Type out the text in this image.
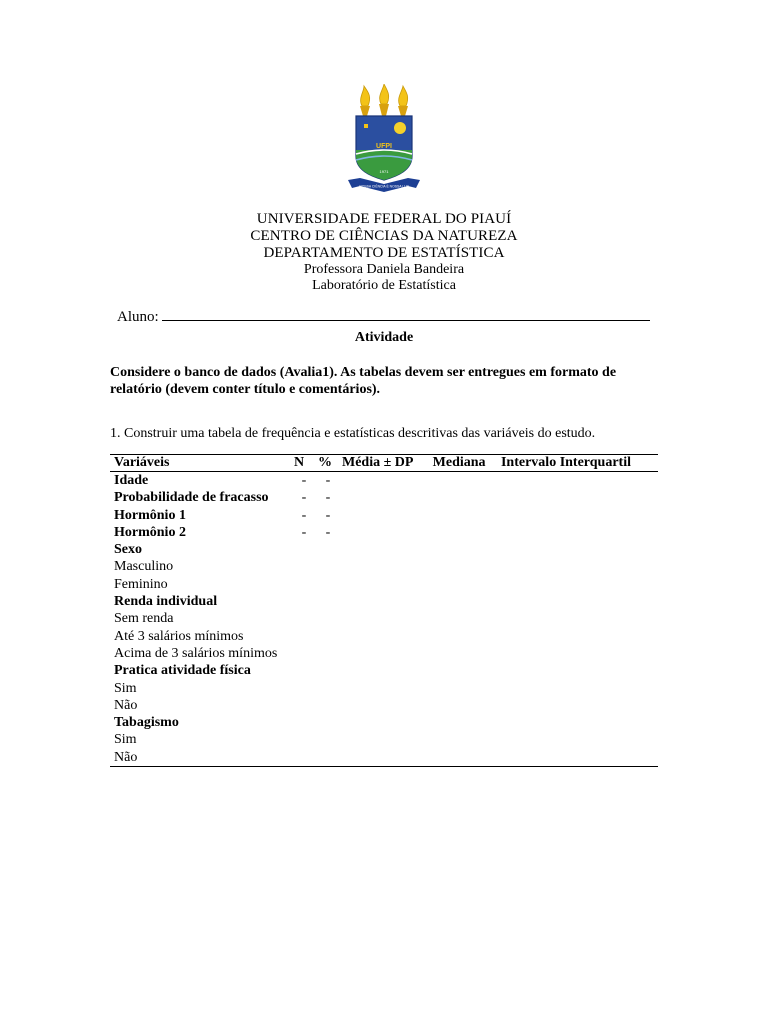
UFPI
1971
NOSSA CIÊNCIA É NOSSA LUZ
UNIVERSIDADE FEDERAL DO PIAUÍ
CENTRO DE CIÊNCIAS DA NATUREZA
DEPARTAMENTO DE ESTATÍSTICA
Professora Daniela Bandeira
Laboratório de Estatística
Aluno:
Atividade
Considere o banco de dados (Avalia1). As tabelas devem ser entregues em formato de relatório (devem conter título e comentários).
1. Construir uma tabela de frequência e estatísticas descritivas das variáveis do estudo.
Variáveis	N	%	Média ± DP	Mediana	Intervalo Interquartil
Idade	-	-			
Probabilidade de fracasso	-	-			
Hormônio 1	-	-			
Hormônio 2	-	-			
Sexo					
Masculino					
Feminino					
Renda individual					
Sem renda					
Até 3 salários mínimos					
Acima de 3 salários mínimos					
Pratica atividade física					
Sim					
Não					
Tabagismo					
Sim					
Não					
